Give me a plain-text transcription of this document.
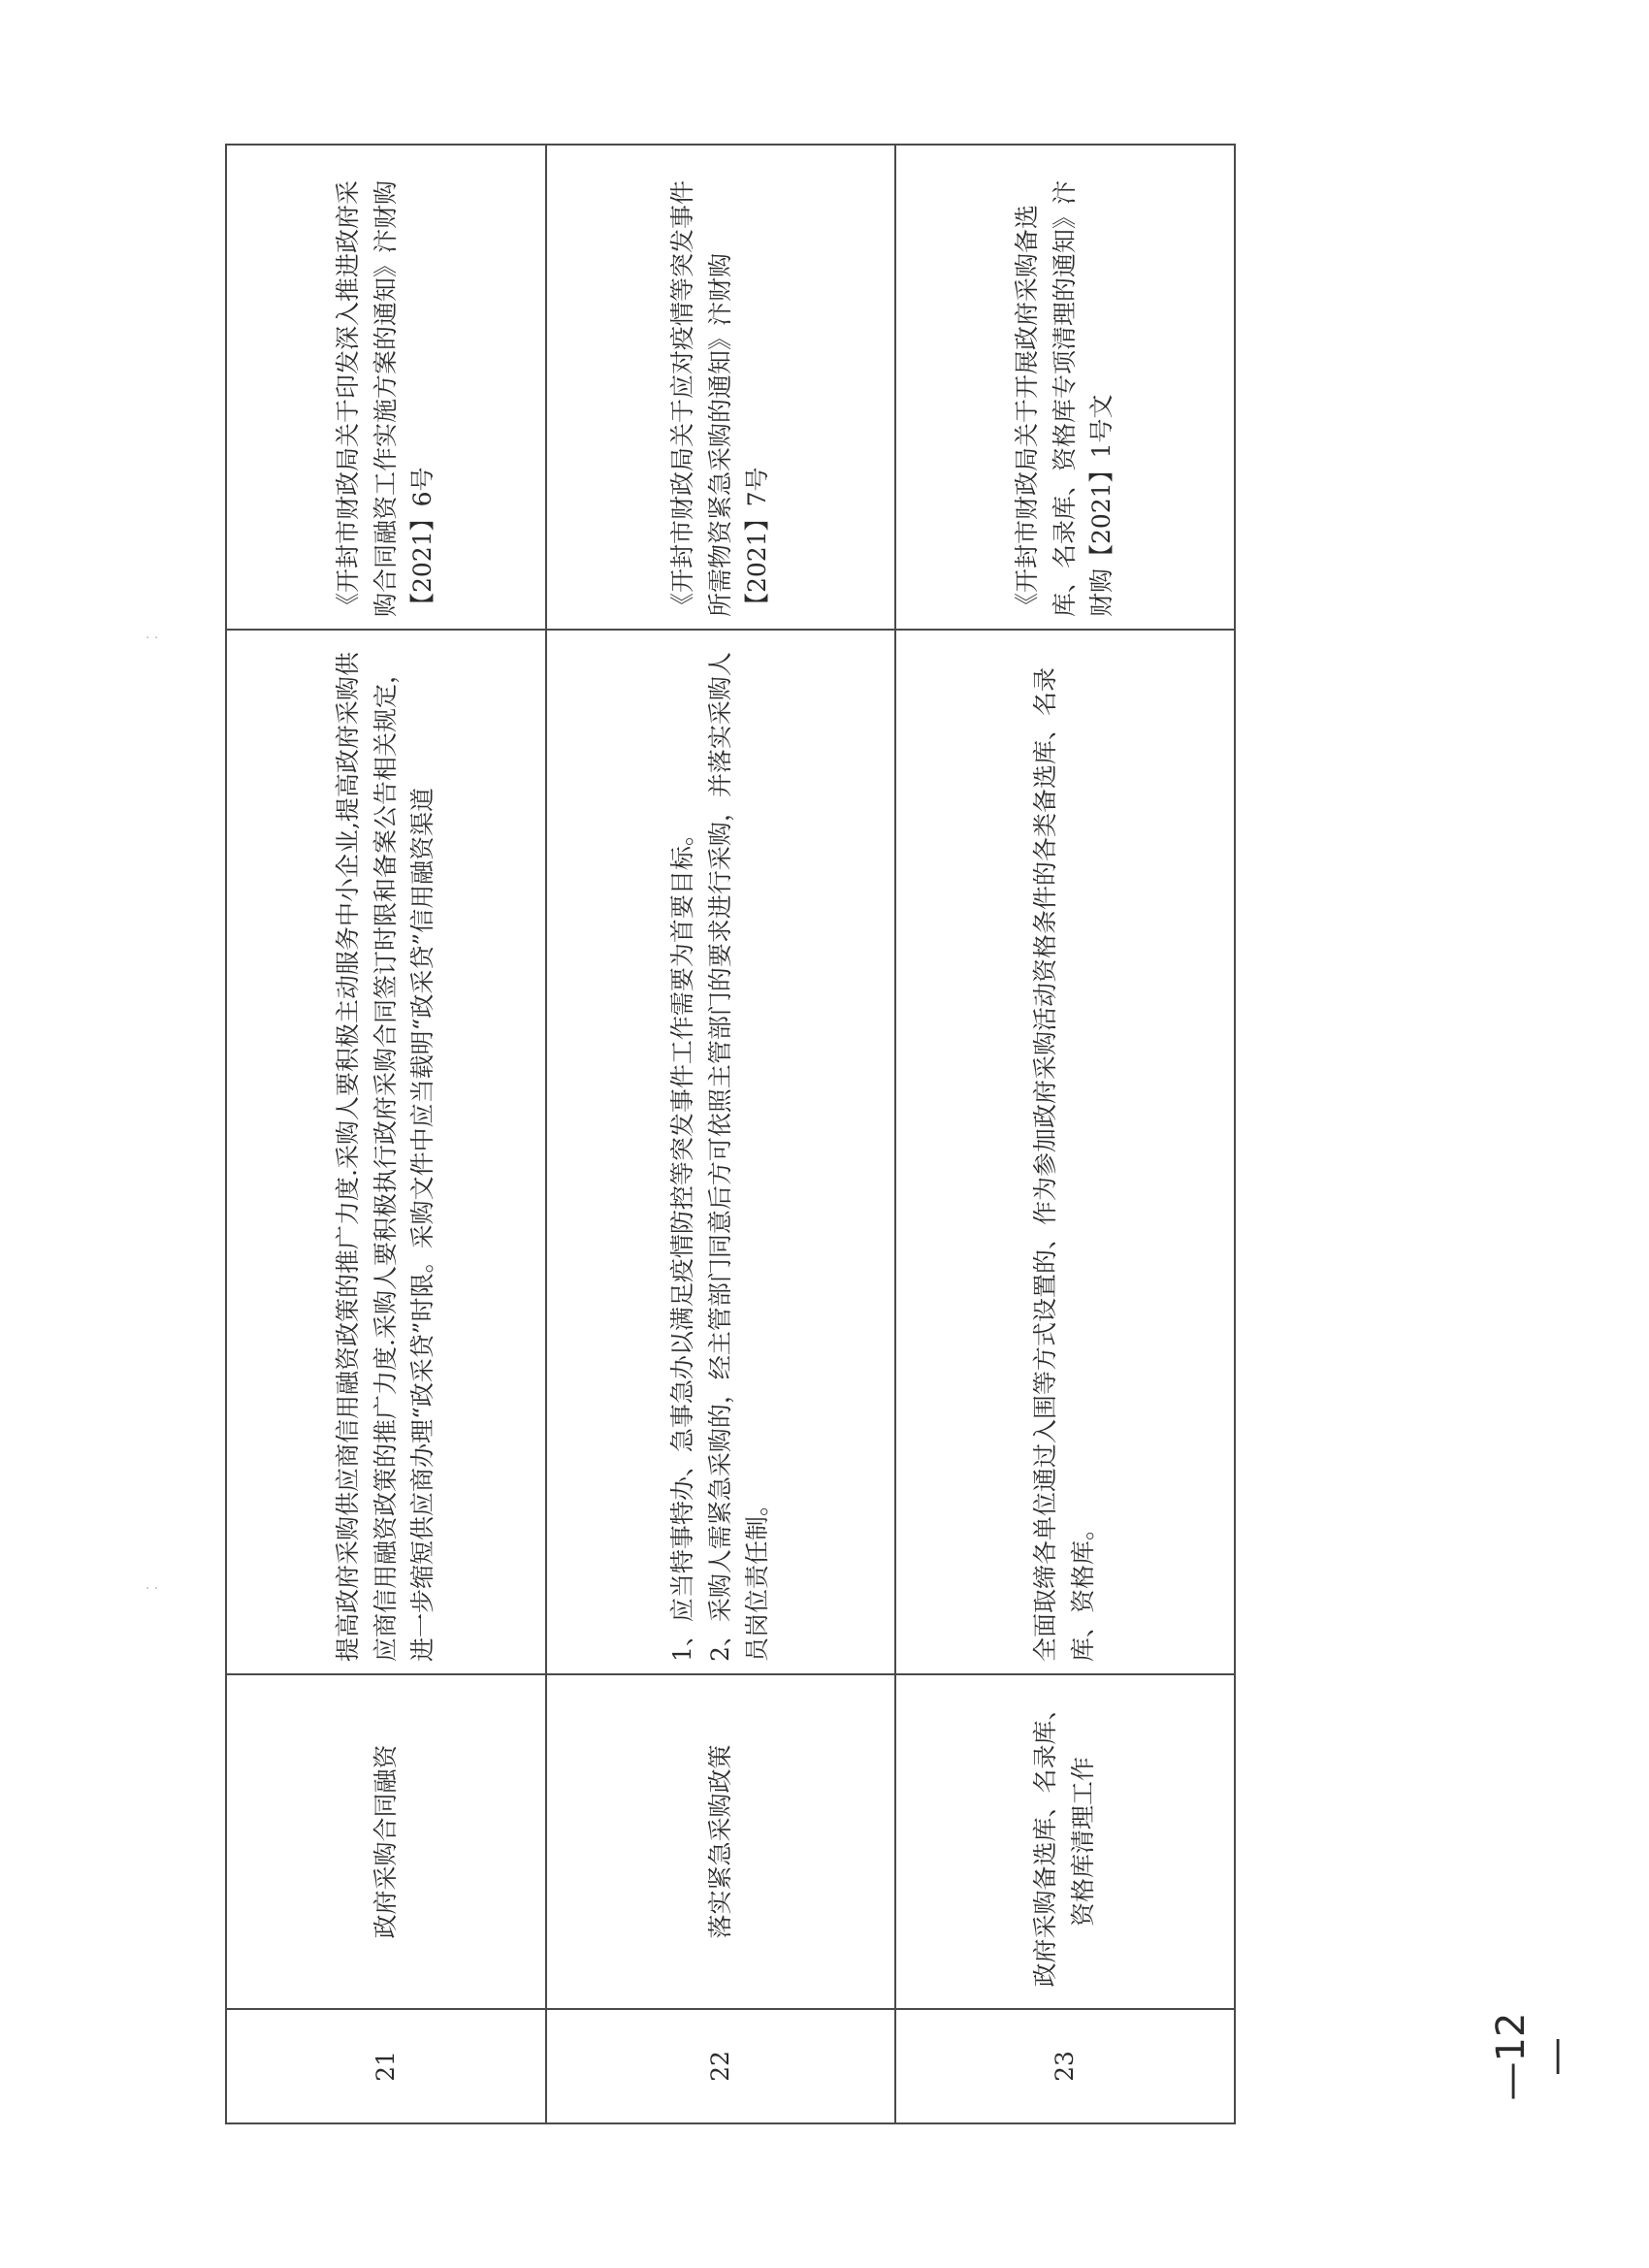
21	政府采购合同融资	提高政府采购供应商信用融资政策的推广力度.采购人要积极主动服务中小企业,提高政府采购供应商信用融资政策的推广力度.采购人要积极执行政府采购合同签订时限和备案公告相关规定，进一步缩短供应商办理“政采贷”时限。采购文件中应当载明“政采贷”信用融资渠道	《开封市财政局关于印发深入推进政府采购合同融资工作实施方案的通知》汴财购【2021】6号
22	落实紧急采购政策	1、应当特事特办、急事急办以满足疫情防控等突发事件工作需要为首要目标。 2、采购人需紧急采购的，经主管部门同意后方可依照主管部门的要求进行采购，并落实采购人员岗位责任制。	《开封市财政局关于应对疫情等突发事件所需物资紧急采购的通知》汴财购【2021】7号
23	政府采购备选库、名录库、资格库清理工作	全面取缔各单位通过入围等方式设置的、作为参加政府采购活动资格条件的各类备选库、名录库、资格库。	《开封市财政局关于开展政府采购备选库、名录库、资格库专项清理的通知》汴财购【2021】1号文
—12—
· ·
· ·
